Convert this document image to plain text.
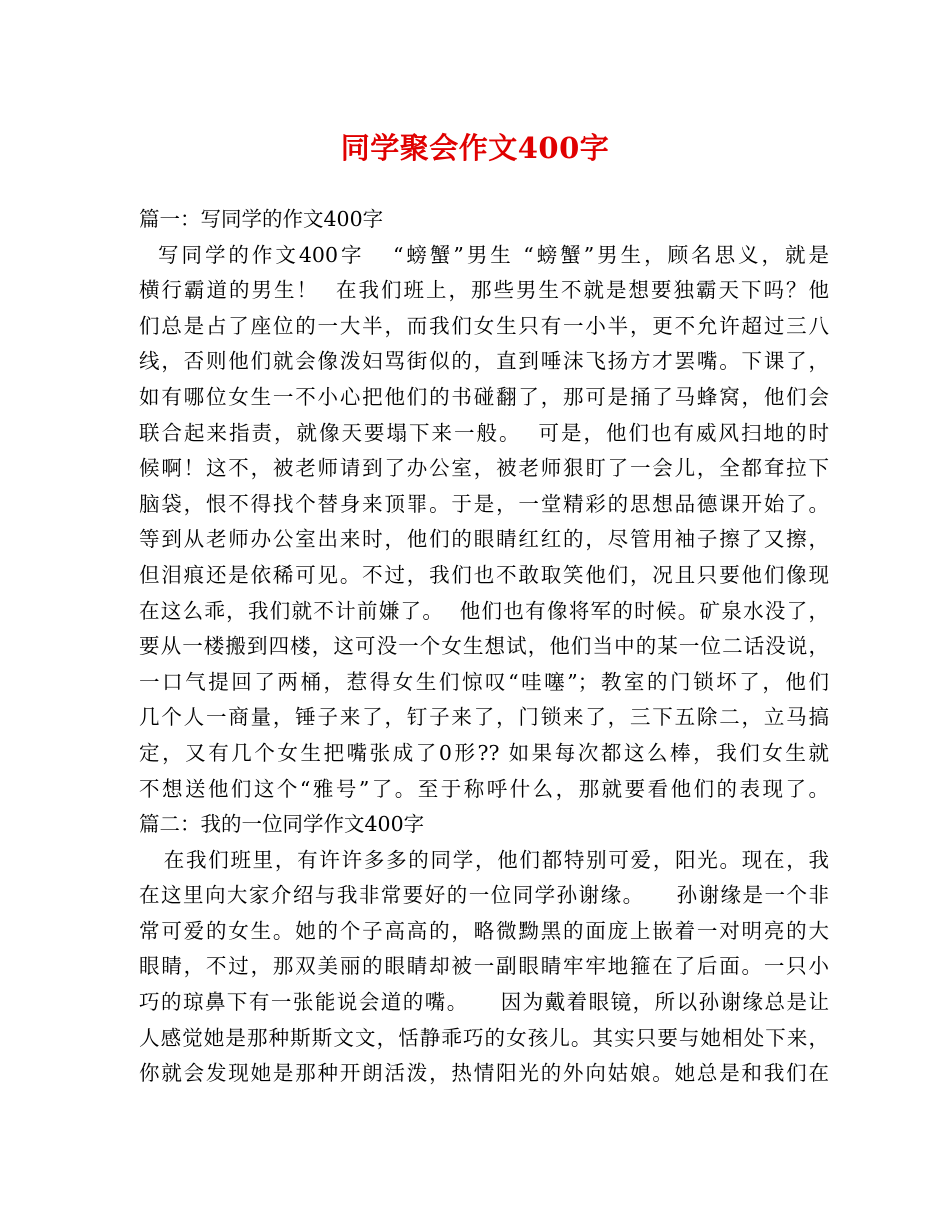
同学聚会作文400字
篇一：写同学的作文400字
写同学的作文400字   “螃蟹”男生 “螃蟹”男生，顾名思义，就是
横行霸道的男生！  在我们班上，那些男生不就是想要独霸天下吗？他
们总是占了座位的一大半，而我们女生只有一小半，更不允许超过三八
线，否则他们就会像泼妇骂街似的，直到唾沫飞扬方才罢嘴。下课了，
如有哪位女生一不小心把他们的书碰翻了，那可是捅了马蜂窝，他们会
联合起来指责，就像天要塌下来一般。  可是，他们也有威风扫地的时
候啊！这不，被老师请到了办公室，被老师狠盯了一会儿，全都耷拉下
脑袋，恨不得找个替身来顶罪。于是，一堂精彩的思想品德课开始了。
等到从老师办公室出来时，他们的眼睛红红的，尽管用袖子擦了又擦，
但泪痕还是依稀可见。不过，我们也不敢取笑他们，况且只要他们像现
在这么乖，我们就不计前嫌了。  他们也有像将军的时候。矿泉水没了，
要从一楼搬到四楼，这可没一个女生想试，他们当中的某一位二话没说，
一口气提回了两桶，惹得女生们惊叹“哇噻”；教室的门锁坏了，他们
几个人一商量，锤子来了，钉子来了，门锁来了，三下五除二，立马搞
定，又有几个女生把嘴张成了0形?? 如果每次都这么棒，我们女生就
不想送他们这个“雅号”了。至于称呼什么，那就要看他们的表现了。
篇二：我的一位同学作文400字
在我们班里，有许许多多的同学，他们都特别可爱，阳光。现在，我
在这里向大家介绍与我非常要好的一位同学孙谢缘。    孙谢缘是一个非
常可爱的女生。她的个子高高的，略微黝黑的面庞上嵌着一对明亮的大
眼睛，不过，那双美丽的眼睛却被一副眼睛牢牢地箍在了后面。一只小
巧的琼鼻下有一张能说会道的嘴。    因为戴着眼镜，所以孙谢缘总是让
人感觉她是那种斯斯文文，恬静乖巧的女孩儿。其实只要与她相处下来，
你就会发现她是那种开朗活泼，热情阳光的外向姑娘。她总是和我们在
